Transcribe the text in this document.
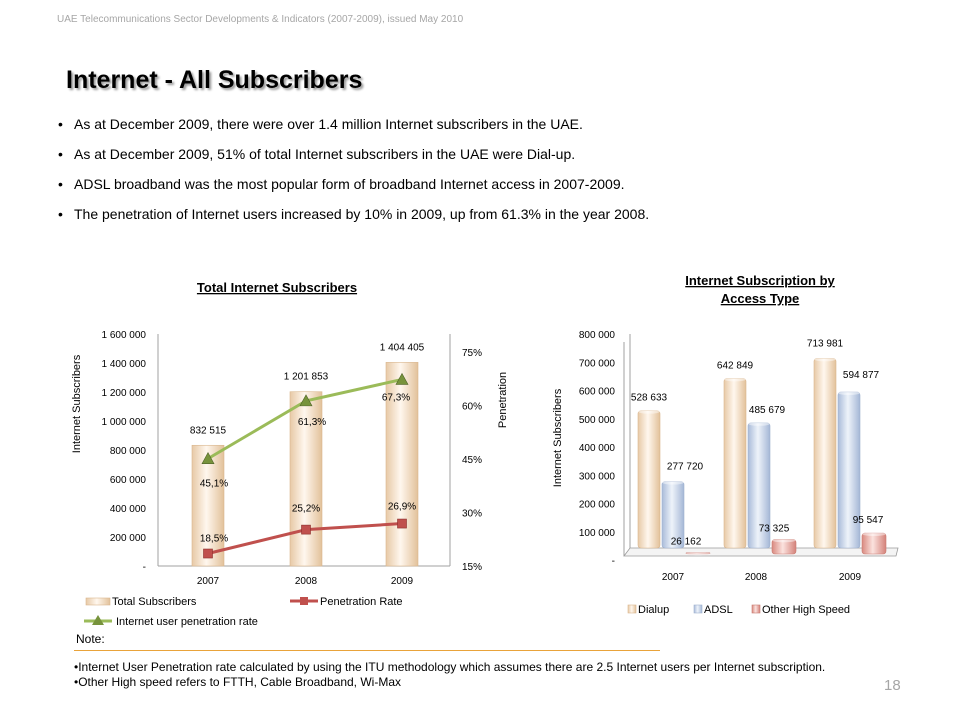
UAE Telecommunications Sector Developments & Indicators (2007-2009), issued May 2010
Internet - All Subscribers
• As at December 2009, there were over 1.4 million Internet subscribers in the UAE.
• As at December 2009, 51% of total Internet subscribers in the UAE were Dial-up.
• ADSL broadband was the most popular form of broadband Internet access in 2007-2009.
• The penetration of Internet users increased by 10% in 2009, up from 61.3% in the year 2008.
Total Internet Subscribers
Internet Subscribers	Penetration
1 600 000
1 400 000
1 200 000
1 000 000
800 000
600 000
400 000
200 000
-
75%
60%
45%
30%
15%
832 515
1 201 853
1 404 405
18,5%
25,2%	26,9%
45,1%
61,3%
67,3%
2007	2008	2009
Total Subscribers	Penetration Rate
Internet user penetration rate
Internet Subscription by
Access Type
Internet Subscribers
800 000
700 000
600 000
500 000
400 000
300 000
200 000
100 000
-
528 633
642 849
713 981
277 720
485 679
594 877
26 162
73 325
95 547
2007	2008	2009
Dialup	ADSL	Other High Speed
Note:
•Internet User Penetration rate calculated by using the ITU methodology which assumes there are 2.5 Internet users per Internet subscription.
•Other High speed refers to FTTH, Cable Broadband, Wi-Max	18
